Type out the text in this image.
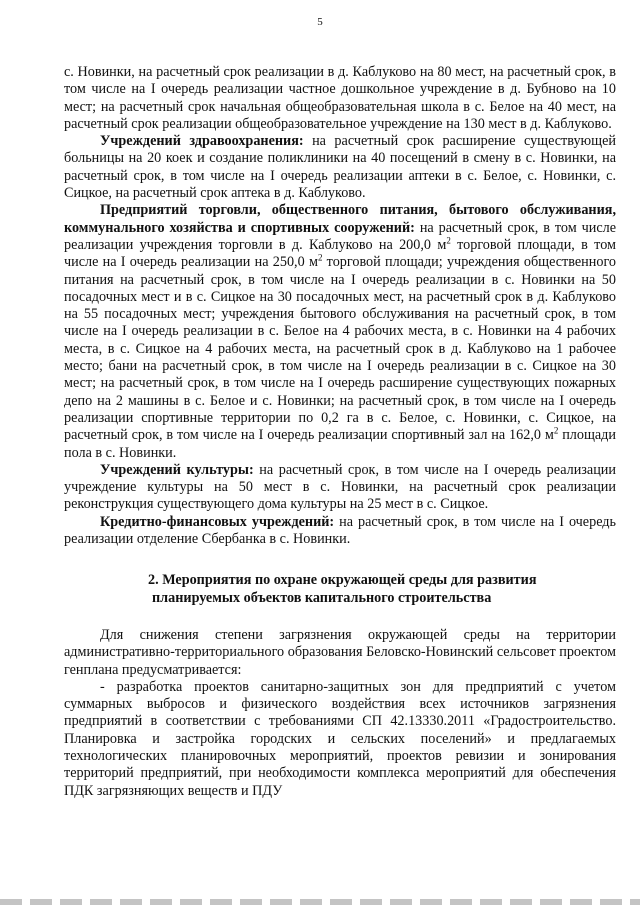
5

с. Новинки, на расчетный срок реализации в д. Каблуково на 80 мест, на расчетный срок, в том числе на I очередь реализации частное дошкольное учреждение в д. Бубново на 10 мест; на расчетный срок начальная общеобразовательная школа в с. Белое на 40 мест, на расчетный срок реализации общеобразовательное учреждение на 130 мест в д. Каблуково.

Учреждений здравоохранения: на расчетный срок расширение существующей больницы на 20 коек и создание поликлиники на 40 посещений в смену в с. Новинки, на расчетный срок, в том числе на I очередь реализации аптеки в с. Белое, с. Новинки, с. Сицкое, на расчетный срок аптека в д. Каблуково.

Предприятий торговли, общественного питания, бытового обслуживания, коммунального хозяйства и спортивных сооружений: на расчетный срок, в том числе реализации учреждения торговли в д. Каблуково на 200,0 $м^2$ торговой площади, в том числе на I очередь реализации на 250,0 $м^2$ торговой площади; учреждения общественного питания на расчетный срок, в том числе на I очередь реализации в с. Новинки на 50 посадочных мест и в с. Сицкое на 30 посадочных мест, на расчетный срок в д. Каблуково на 55 посадочных мест; учреждения бытового обслуживания на расчетный срок, в том числе на I очередь реализации в с. Белое на 4 рабочих места, в с. Новинки на 4 рабочих места, в с. Сицкое на 4 рабочих места, на расчетный срок в д. Каблуково на 1 рабочее место; бани на расчетный срок, в том числе на I очередь реализации в с. Сицкое на 30 мест; на расчетный срок, в том числе на I очередь расширение существующих пожарных депо на 2 машины в с. Белое и с. Новинки; на расчетный срок, в том числе на I очередь реализации спортивные территории по 0,2 га в с. Белое, с. Новинки, с. Сицкое, на расчетный срок, в том числе на I очередь реализации спортивный зал на 162,0 $м^2$ площади пола в с. Новинки.

Учреждений культуры: на расчетный срок, в том числе на I очередь реализации учреждение культуры на 50 мест в с. Новинки, на расчетный срок реализации реконструкция существующего дома культуры на 25 мест в с. Сицкое.

Кредитно-финансовых учреждений: на расчетный срок, в том числе на I очередь реализации отделение Сбербанка в с. Новинки.

2. Мероприятия по охране окружающей среды для развития
планируемых объектов капитального строительства

Для снижения степени загрязнения окружающей среды на территории административно-территориального образования Беловско-Новинский сельсовет проектом генплана предусматривается:

- разработка проектов санитарно-защитных зон для предприятий с учетом суммарных выбросов и физического воздействия всех источников загрязнения предприятий в соответствии с требованиями СП 42.13330.2011 «Градостроительство. Планировка и застройка городских и сельских поселений» и предлагаемых технологических планировочных мероприятий, проектов ревизии и зонирования территорий предприятий, при необходимости комплекса мероприятий для обеспечения ПДК загрязняющих веществ и ПДУ
